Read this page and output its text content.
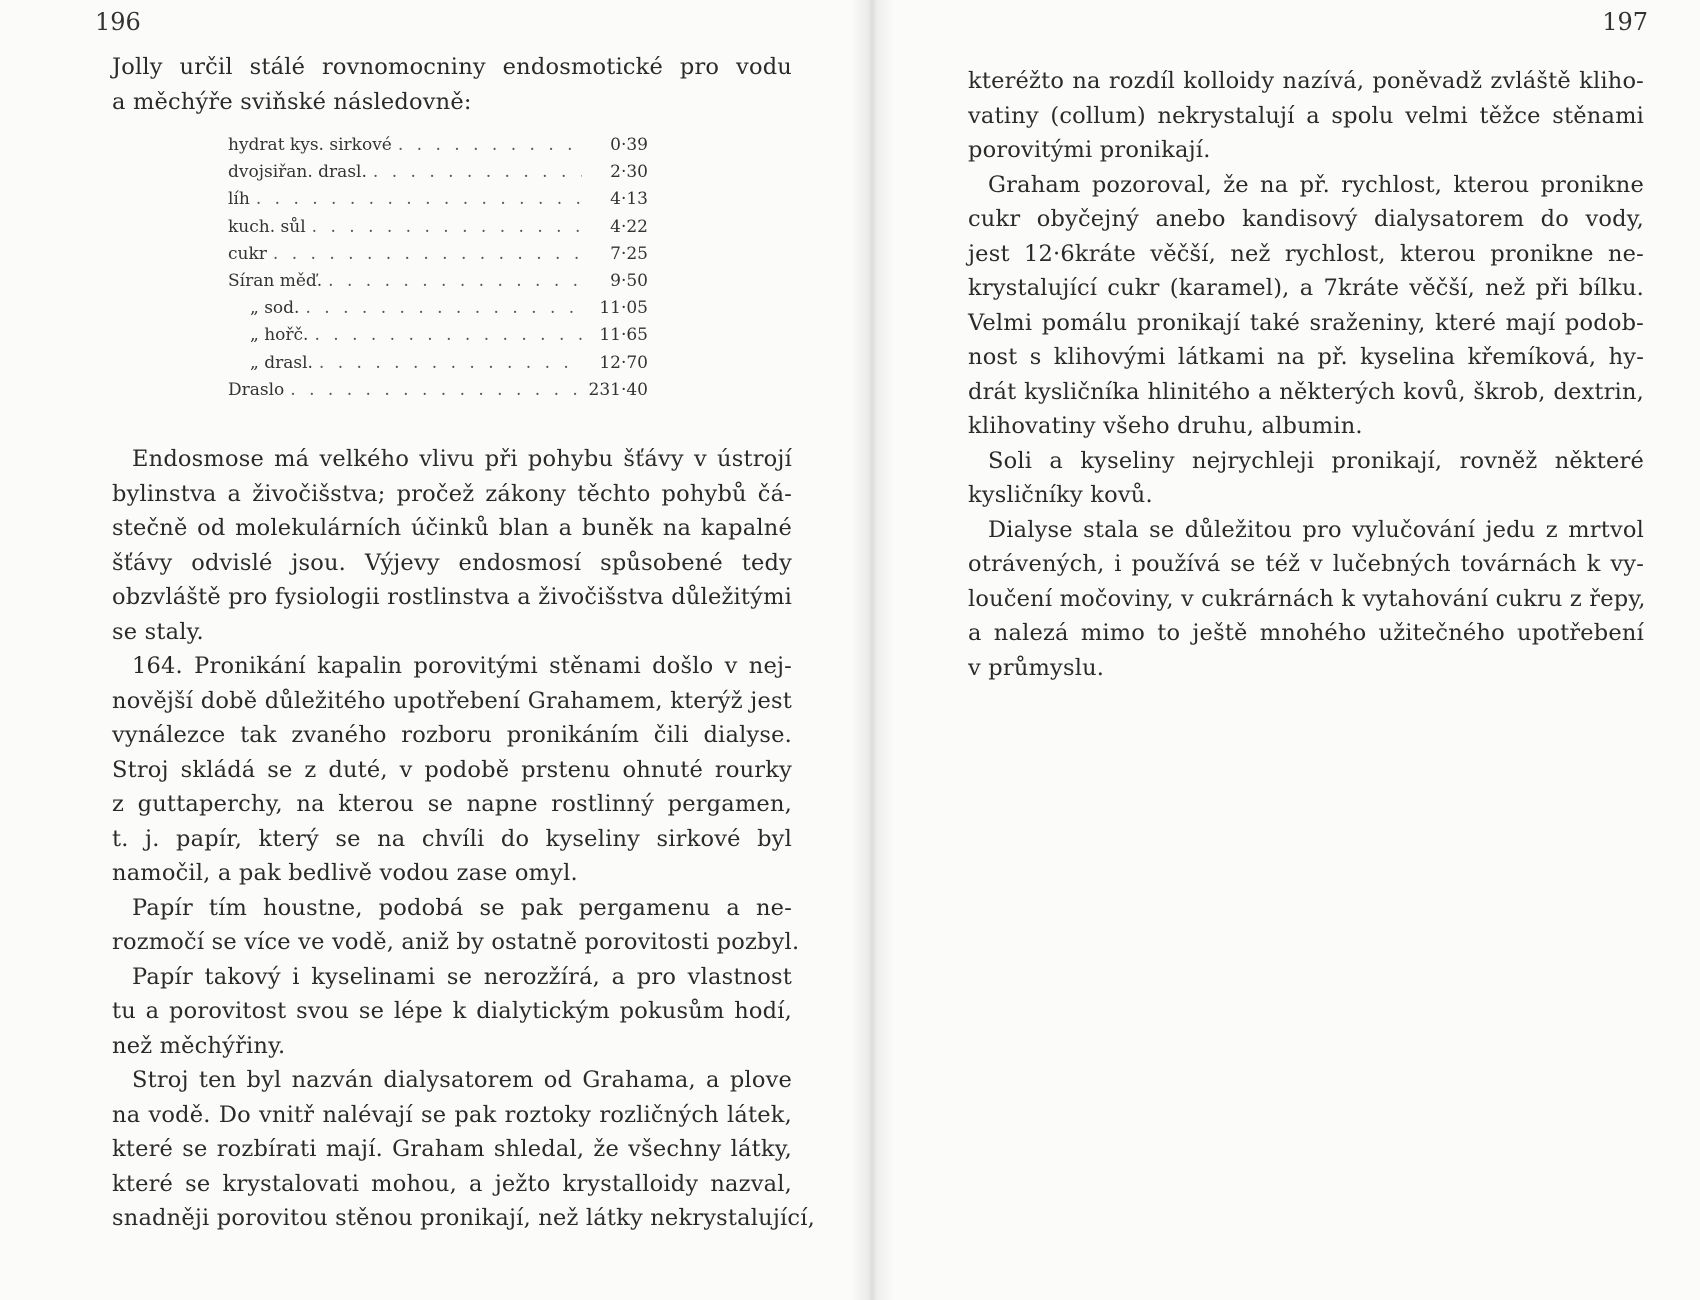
196
Jolly určil stálé rovnomocniny endosmotické pro vodu
a měchýře sviňské následovně:
hydrat kys. sirkové . . .	0·39
dvojsiřan. drasl. . . .	2·30
líh . . .	4·13
kuch. sůl . . .	4·22
cukr . . .	7·25
Síran měď. . . .	9·50
„ sod. . . .	11·05
„ hořč. . . .	11·65
„ drasl. . . .	12·70
Draslo . . .	231·40
Endosmose má velkého vlivu při pohybu šťávy v ústrojí
bylinstva a živočišstva; pročež zákony těchto pohybů čá-
stečně od molekulárních účinků blan a buněk na kapalné
šťávy odvislé jsou. Výjevy endosmosí spůsobené tedy
obzvláště pro fysiologii rostlinstva a živočišstva důležitými
se staly.
164. Pronikání kapalin porovitými stěnami došlo v nej-
novější době důležitého upotřebení Grahamem, kterýž jest
vynálezce tak zvaného rozboru pronikáním čili dialyse.
Stroj skládá se z duté, v podobě prstenu ohnuté rourky
z guttaperchy, na kterou se napne rostlinný pergamen,
t. j. papír, který se na chvíli do kyseliny sirkové byl
namočil, a pak bedlivě vodou zase omyl.
Papír tím houstne, podobá se pak pergamenu a ne-
rozmočí se více ve vodě, aniž by ostatně porovitosti pozbyl.
Papír takový i kyselinami se nerozžírá, a pro vlastnost
tu a porovitost svou se lépe k dialytickým pokusům hodí,
než měchýřiny.
Stroj ten byl nazván dialysatorem od Grahama, a plove
na vodě. Do vnitř nalévají se pak roztoky rozličných látek,
které se rozbírati mají. Graham shledal, že všechny látky,
které se krystalovati mohou, a ježto krystalloidy nazval,
snadněji porovitou stěnou pronikají, než látky nekrystalující,
197
kteréžto na rozdíl kolloidy nazívá, poněvadž zvláště kliho-
vatiny (collum) nekrystalují a spolu velmi těžce stěnami
porovitými pronikají.
Graham pozoroval, že na př. rychlost, kterou pronikne
cukr obyčejný anebo kandisový dialysatorem do vody,
jest 12·6kráte věčší, než rychlost, kterou pronikne ne-
krystalující cukr (karamel), a 7kráte věčší, než při bílku.
Velmi pomálu pronikají také sraženiny, které mají podob-
nost s klihovými látkami na př. kyselina křemíková, hy-
drát kysličníka hlinitého a některých kovů, škrob, dextrin,
klihovatiny všeho druhu, albumin.
Soli a kyseliny nejrychleji pronikají, rovněž některé
kysličníky kovů.
Dialyse stala se důležitou pro vylučování jedu z mrtvol
otrávených, i používá se též v lučebných továrnách k vy-
loučení močoviny, v cukrárnách k vytahování cukru z řepy,
a nalezá mimo to ještě mnohého užitečného upotřebení
v průmyslu.
